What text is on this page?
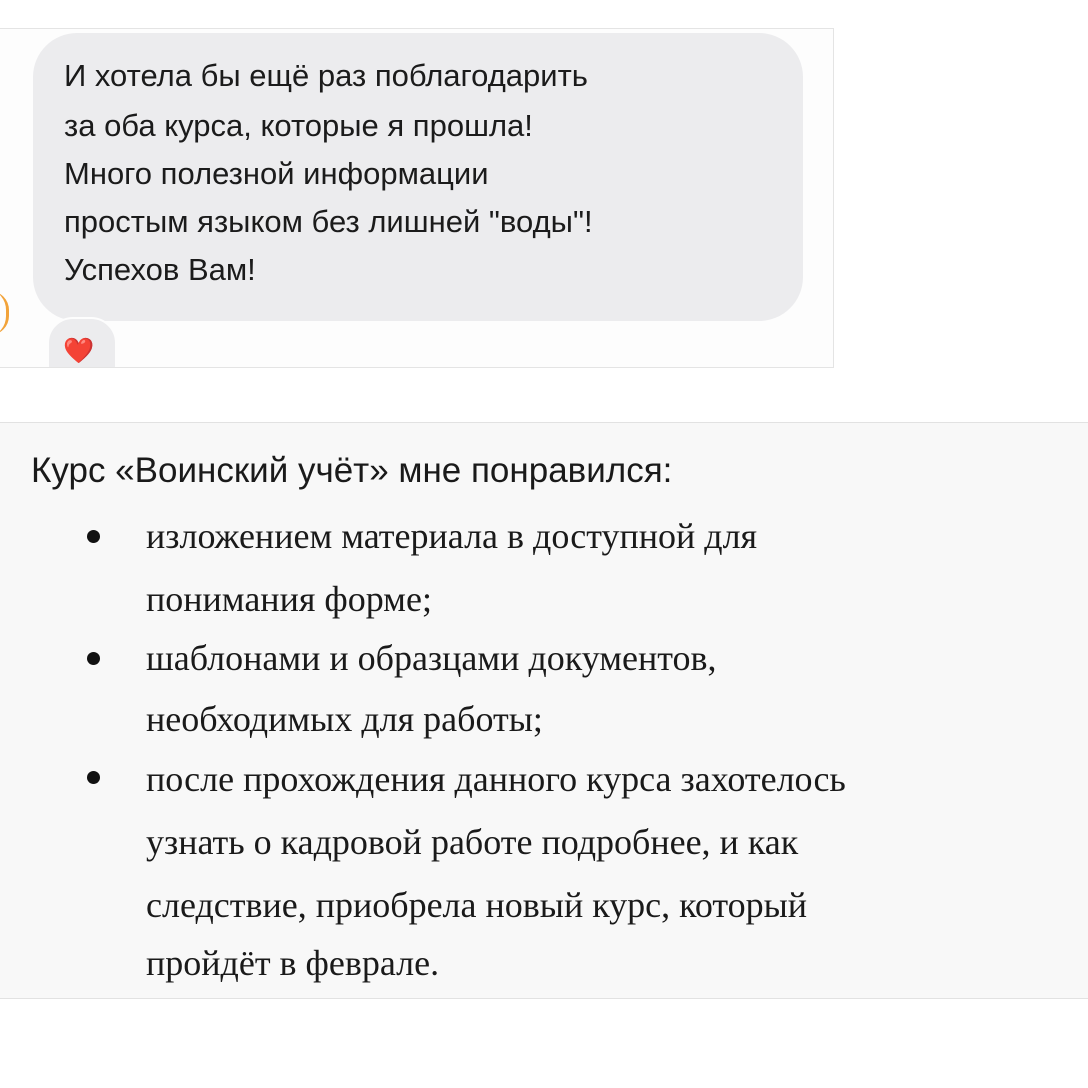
❤️
И хотела бы ещё раз поблагодарить
за оба курса, которые я прошла!
Много полезной информации
простым языком без лишней "воды"!
Успехов Вам!
Курс «Воинский учёт» мне понравился:
изложением материала в доступной для
понимания форме;
шаблонами и образцами документов,
необходимых для работы;
после прохождения данного курса захотелось
узнать о кадровой работе подробнее, и как
следствие, приобрела новый курс, который
пройдёт в феврале.
